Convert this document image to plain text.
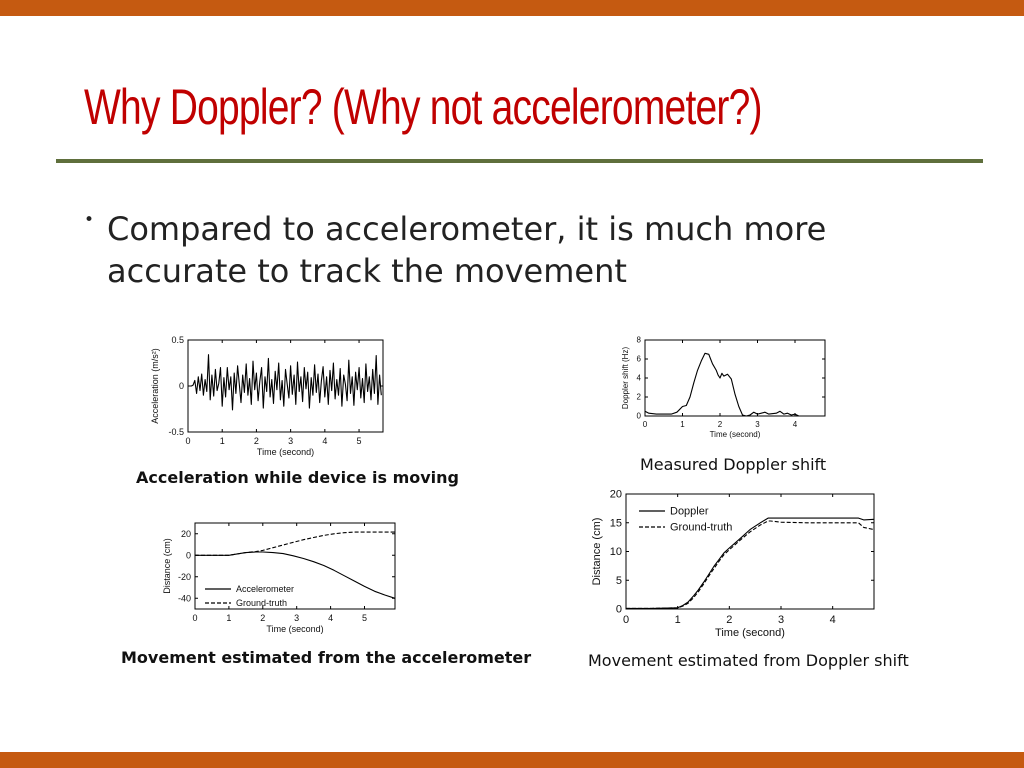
Why Doppler? (Why not accelerometer?)
• Compared to accelerometer, it is much more accurate to track the movement
0	1	2	3	4	5
-0.5
0
0.5
Time (second)
Acceleration (m/s²)
Acceleration while device is moving
0	1	2	3	4
0
2
4
6
8
Time (second)
Doppler shift (Hz)
Measured Doppler shift
0	1	2	3	4	5
-40
-20
0
20
Time (second)
Distance (cm)	Accelerometer
Ground-truth
Movement estimated from the accelerometer
0	1	2	3	4
0
5
10
15
20
Time (second)
Distance (cm)
Doppler
Ground-truth
Movement estimated from Doppler shift
